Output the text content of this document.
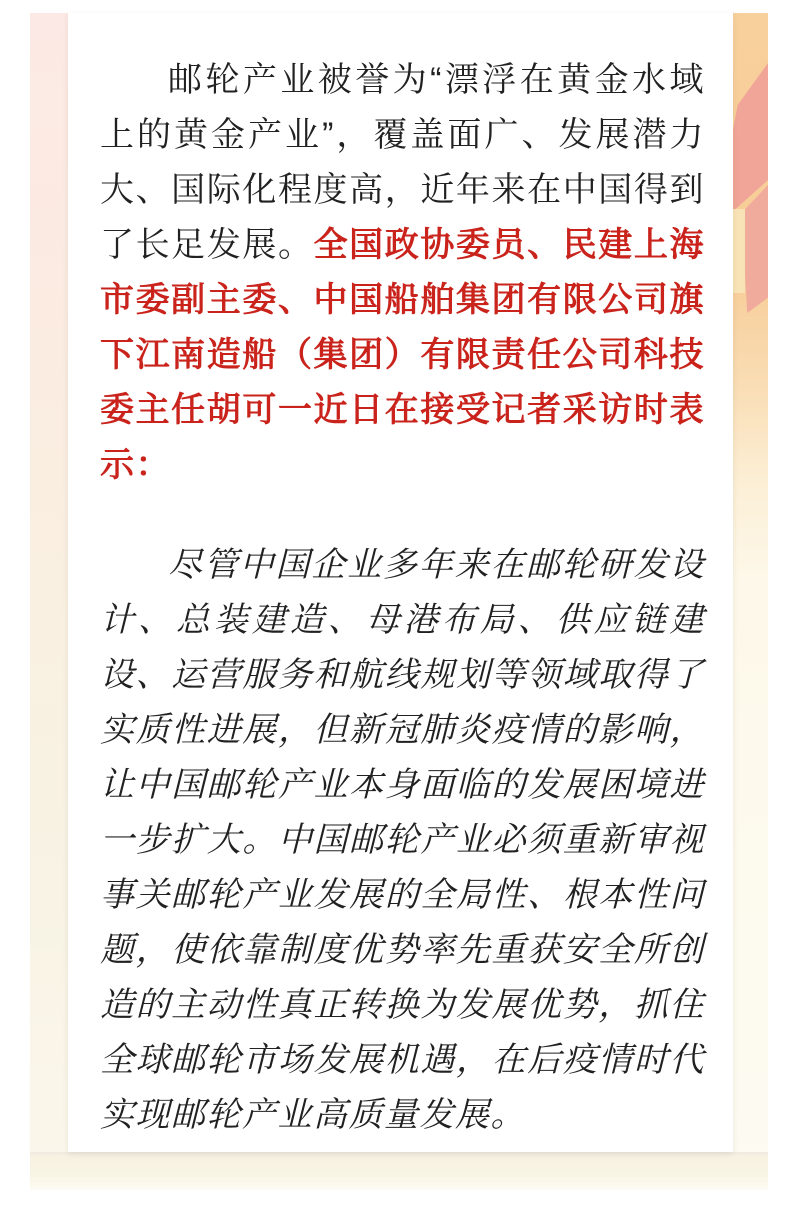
邮轮产业被誉为“漂浮在黄金水域上的黄金产业”，覆盖面广、发展潜力大、国际化程度高，近年来在中国得到了长足发展。全国政协委员、民建上海市委副主委、中国船舶集团有限公司旗下江南造船（集团）有限责任公司科技委主任胡可一近日在接受记者采访时表示：

尽管中国企业多年来在邮轮研发设计、总装建造、母港布局、供应链建设、运营服务和航线规划等领域取得了实质性进展，但新冠肺炎疫情的影响，让中国邮轮产业本身面临的发展困境进一步扩大。中国邮轮产业必须重新审视事关邮轮产业发展的全局性、根本性问题，使依靠制度优势率先重获安全所创造的主动性真正转换为发展优势，抓住全球邮轮市场发展机遇，在后疫情时代实现邮轮产业高质量发展。
